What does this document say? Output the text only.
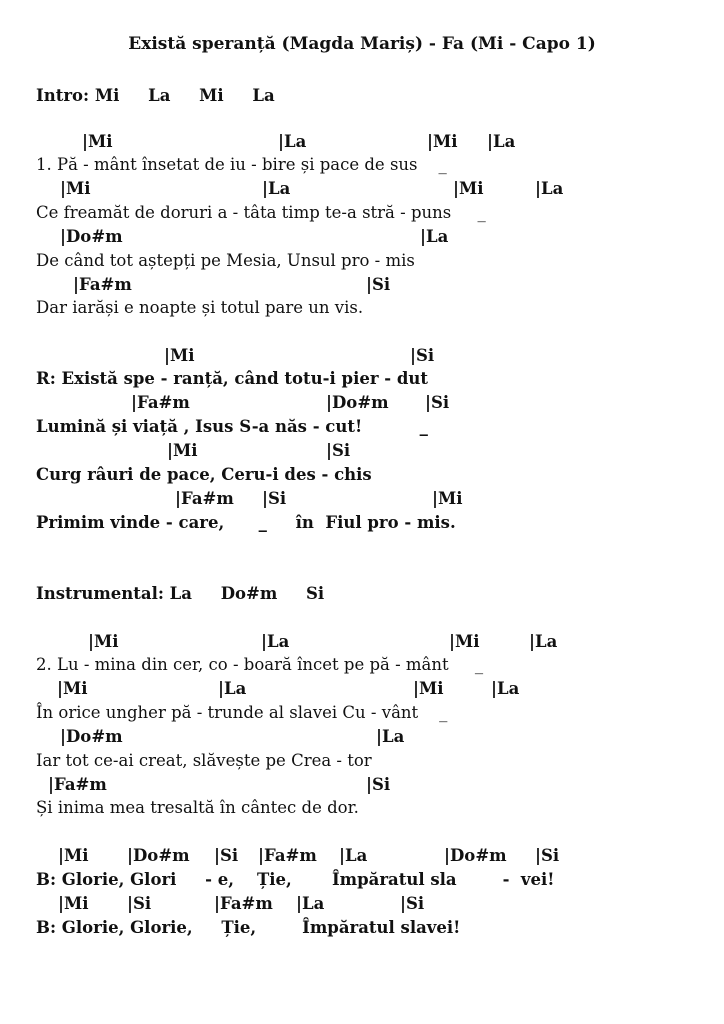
Există speranță (Magda Mariș) - Fa (Mi - Capo 1)
Intro: Mi     La     Mi     La
|Mi	|La	|Mi |La
1. Pă - mânt însetat de iu - bire și pace de sus    _
|Mi	|La	|Mi	|La
Ce freamăt de doruri a - tâta timp te-a stră - puns     _
|Do#m	|La
De când tot aștepți pe Mesia, Unsul pro - mis
|Fa#m	|Si
Dar iarăși e noapte și totul pare un vis.
|Mi	|Si
R: Există spe - ranță, când totu-i pier - dut
|Fa#m	|Do#m |Si
Lumină și viață , Isus S-a năs - cut!          _
|Mi	|Si
Curg râuri de pace, Ceru-i des - chis
|Fa#m |Si	|Mi
Primim vinde - care,      _     în  Fiul pro - mis.
Instrumental: La     Do#m     Si
|Mi	|La	|Mi	|La
2. Lu - mina din cer, co - boară încet pe pă - mânt     _
|Mi	|La	|Mi	|La
În orice ungher pă - trunde al slavei Cu - vânt    _
|Do#m	|La
Iar tot ce-ai creat, slăvește pe Crea - tor
|Fa#m	|Si
Și inima mea tresaltă în cântec de dor.
|Mi |Do#m |Si |Fa#m |La	|Do#m |Si
B: Glorie, Glori     - e,    Ție,       Împăratul sla        -  vei!
|Mi |Si	|Fa#m |La	|Si
B: Glorie, Glorie,     Ție,        Împăratul slavei!
